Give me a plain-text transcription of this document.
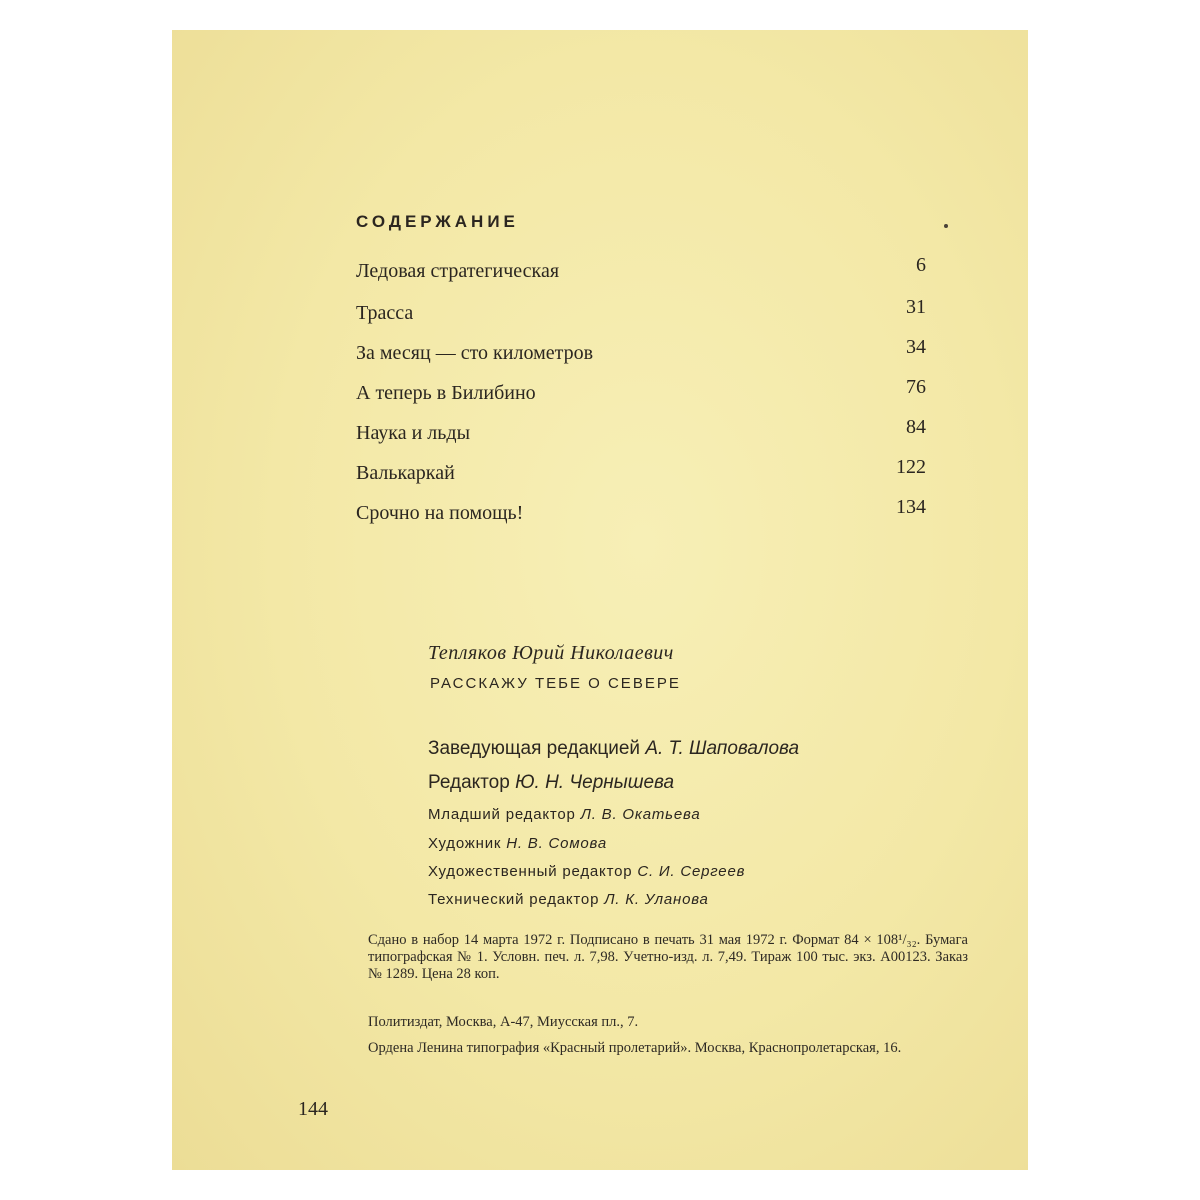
СОДЕРЖАНИЕ
Ледовая стратегическая	6
Трасса	31
За месяц — сто километров	34
А теперь в Билибино	76
Наука и льды	84
Валькаркай	122
Срочно на помощь!	134
Тепляков Юрий Николаевич
РАССКАЖУ ТЕБЕ О СЕВЕРЕ
Заведующая редакцией А. Т. Шаповалова
Редактор Ю. Н. Чернышева
Младший редактор Л. В. Окатьева
Художник Н. В. Сомова
Художественный редактор С. И. Сергеев
Технический редактор Л. К. Уланова
Сдано в набор 14 марта 1972 г. Подписано в печать 31 мая 1972 г. Формат 84 × 108¹/₃₂. Бумага типографская № 1. Условн. печ. л. 7,98. Учетно-изд. л. 7,49. Тираж 100 тыс. экз. А00123. Заказ № 1289. Цена 28 коп.
Политиздат, Москва, А-47, Миусская пл., 7.
Ордена Ленина типография «Красный пролетарий». Москва, Краснопролетарская, 16.
144
